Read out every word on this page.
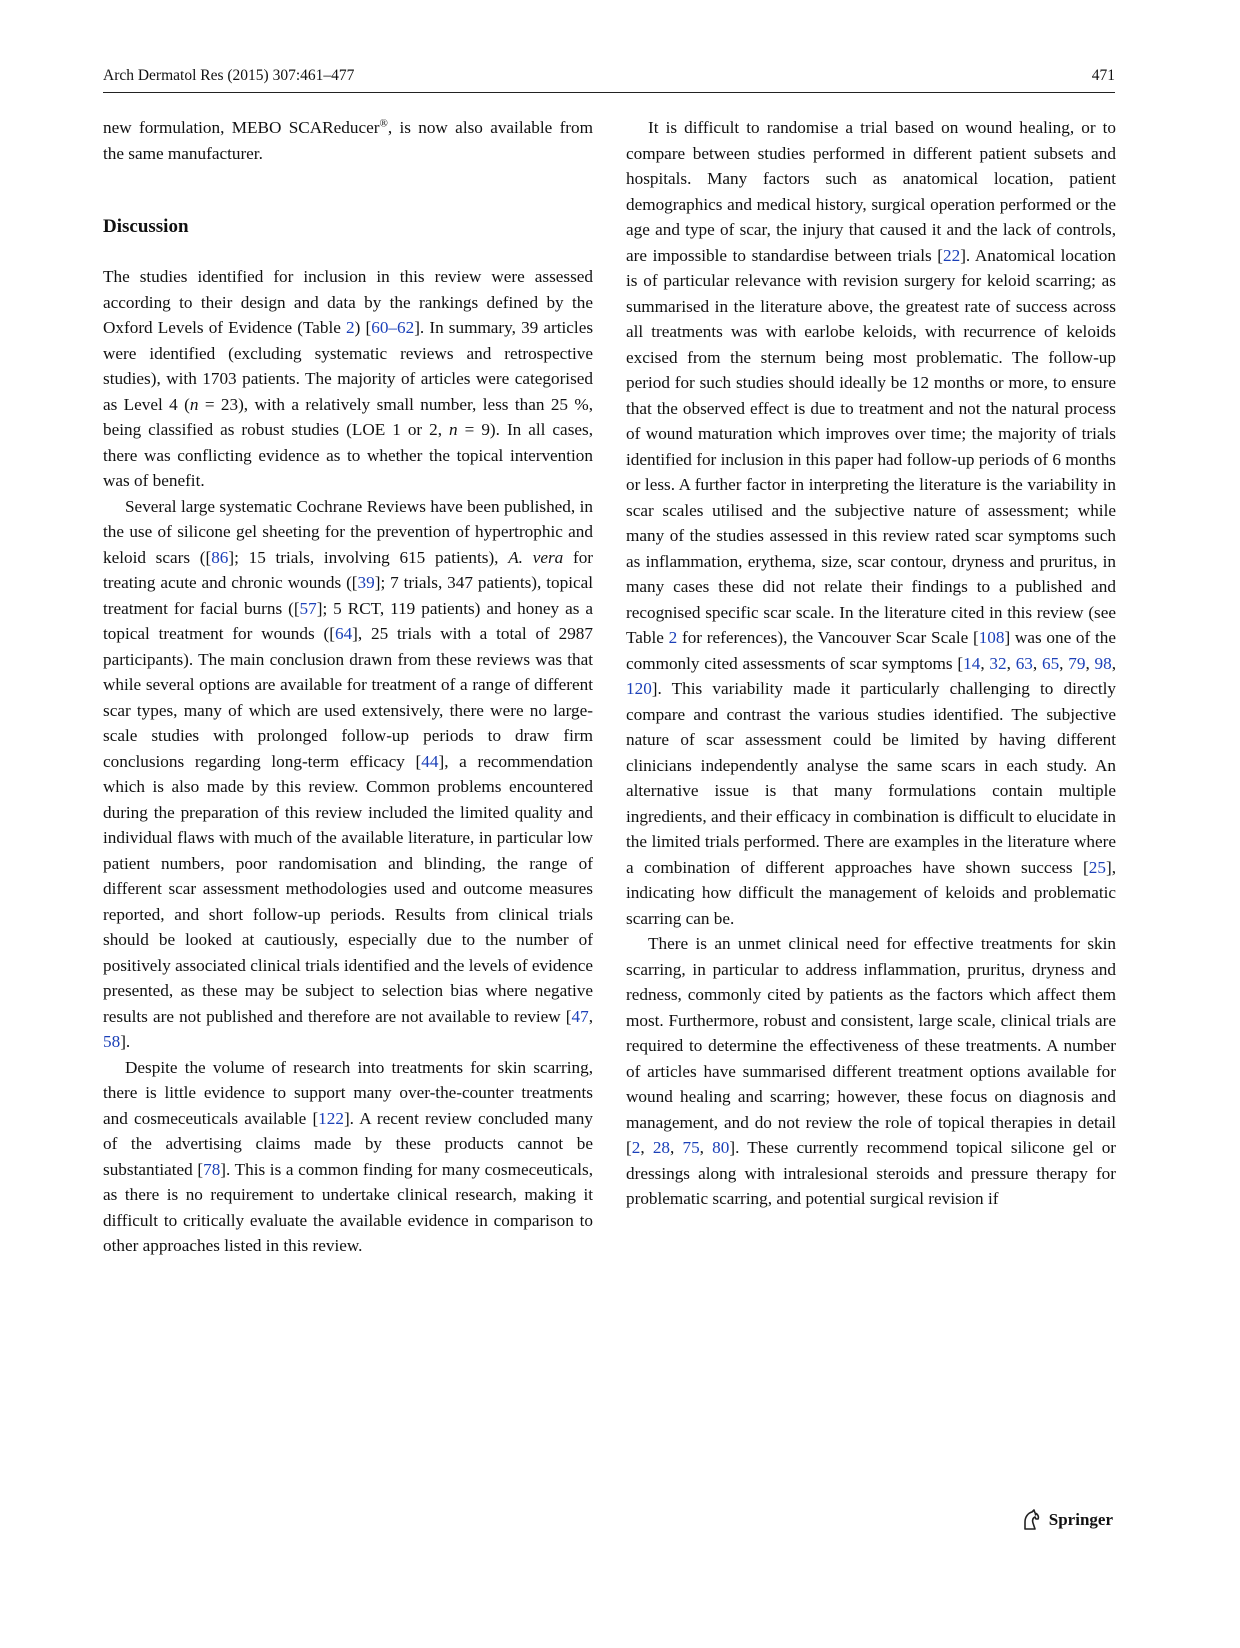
Arch Dermatol Res (2015) 307:461–477	471

new formulation, MEBO SCAReducer®, is now also available from the same manufacturer.

Discussion

The studies identified for inclusion in this review were assessed according to their design and data by the rankings defined by the Oxford Levels of Evidence (Table 2) [60–62]. In summary, 39 articles were identified (excluding systematic reviews and retrospective studies), with 1703 patients. The majority of articles were categorised as Level 4 (n = 23), with a relatively small number, less than 25 %, being classified as robust studies (LOE 1 or 2, n = 9). In all cases, there was conflicting evidence as to whether the topical intervention was of benefit.

Several large systematic Cochrane Reviews have been published, in the use of silicone gel sheeting for the prevention of hypertrophic and keloid scars ([86]; 15 trials, involving 615 patients), A. vera for treating acute and chronic wounds ([39]; 7 trials, 347 patients), topical treatment for facial burns ([57]; 5 RCT, 119 patients) and honey as a topical treatment for wounds ([64], 25 trials with a total of 2987 participants). The main conclusion drawn from these reviews was that while several options are available for treatment of a range of different scar types, many of which are used extensively, there were no large-scale studies with prolonged follow-up periods to draw firm conclusions regarding long-term efficacy [44], a recommendation which is also made by this review. Common problems encountered during the preparation of this review included the limited quality and individual flaws with much of the available literature, in particular low patient numbers, poor randomisation and blinding, the range of different scar assessment methodologies used and outcome measures reported, and short follow-up periods. Results from clinical trials should be looked at cautiously, especially due to the number of positively associated clinical trials identified and the levels of evidence presented, as these may be subject to selection bias where negative results are not published and therefore are not available to review [47, 58].

Despite the volume of research into treatments for skin scarring, there is little evidence to support many over-the-counter treatments and cosmeceuticals available [122]. A recent review concluded many of the advertising claims made by these products cannot be substantiated [78]. This is a common finding for many cosmeceuticals, as there is no requirement to undertake clinical research, making it difficult to critically evaluate the available evidence in comparison to other approaches listed in this review.

It is difficult to randomise a trial based on wound healing, or to compare between studies performed in different patient subsets and hospitals. Many factors such as anatomical location, patient demographics and medical history, surgical operation performed or the age and type of scar, the injury that caused it and the lack of controls, are impossible to standardise between trials [22]. Anatomical location is of particular relevance with revision surgery for keloid scarring; as summarised in the literature above, the greatest rate of success across all treatments was with earlobe keloids, with recurrence of keloids excised from the sternum being most problematic. The follow-up period for such studies should ideally be 12 months or more, to ensure that the observed effect is due to treatment and not the natural process of wound maturation which improves over time; the majority of trials identified for inclusion in this paper had follow-up periods of 6 months or less. A further factor in interpreting the literature is the variability in scar scales utilised and the subjective nature of assessment; while many of the studies assessed in this review rated scar symptoms such as inflammation, erythema, size, scar contour, dryness and pruritus, in many cases these did not relate their findings to a published and recognised specific scar scale. In the literature cited in this review (see Table 2 for references), the Vancouver Scar Scale [108] was one of the commonly cited assessments of scar symptoms [14, 32, 63, 65, 79, 98, 120]. This variability made it particularly challenging to directly compare and contrast the various studies identified. The subjective nature of scar assessment could be limited by having different clinicians independently analyse the same scars in each study. An alternative issue is that many formulations contain multiple ingredients, and their efficacy in combination is difficult to elucidate in the limited trials performed. There are examples in the literature where a combination of different approaches have shown success [25], indicating how difficult the management of keloids and problematic scarring can be.

There is an unmet clinical need for effective treatments for skin scarring, in particular to address inflammation, pruritus, dryness and redness, commonly cited by patients as the factors which affect them most. Furthermore, robust and consistent, large scale, clinical trials are required to determine the effectiveness of these treatments. A number of articles have summarised different treatment options available for wound healing and scarring; however, these focus on diagnosis and management, and do not review the role of topical therapies in detail [2, 28, 75, 80]. These currently recommend topical silicone gel or dressings along with intralesional steroids and pressure therapy for problematic scarring, and potential surgical revision if

Springer
